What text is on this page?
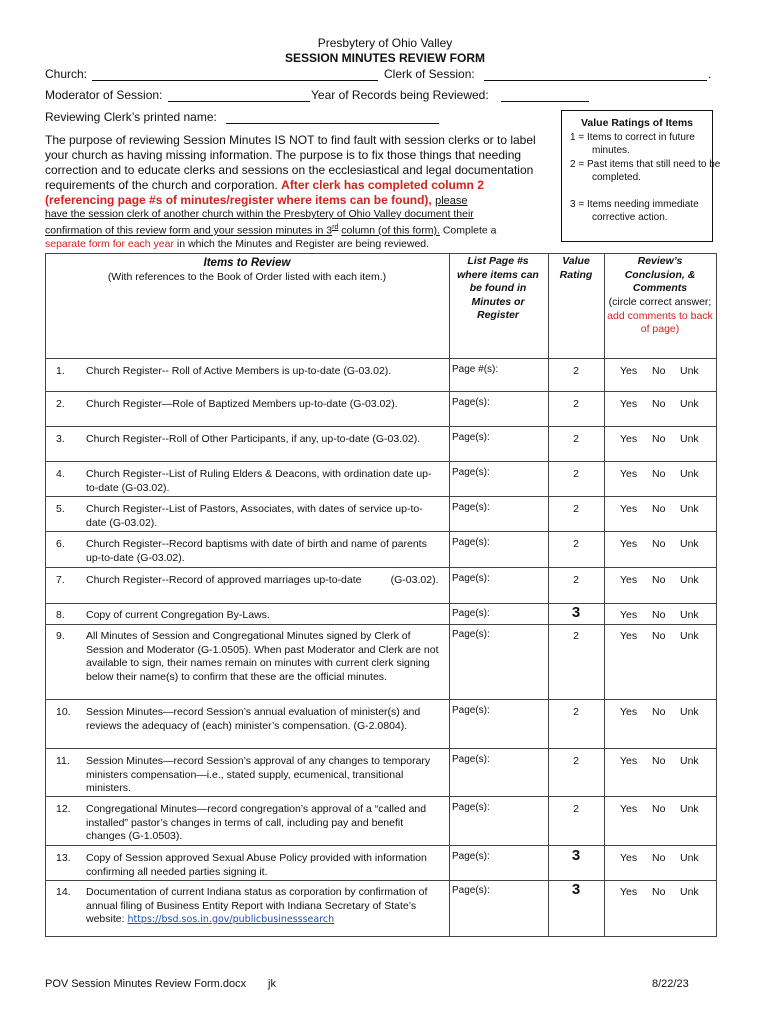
Presbytery of Ohio Valley
SESSION MINUTES REVIEW FORM
Church:	Clerk of Session:	.
Moderator of Session:	Year of Records being Reviewed:
Reviewing Clerk’s printed name:
The purpose of reviewing Session Minutes IS NOT to find fault with session clerks or to label your church as having missing information. The purpose is to fix those things that needing correction and to educate clerks and sessions on the ecclesiastical and legal documentation requirements of the church and corporation. After clerk has completed column 2 (referencing page #s of minutes/register where items can be found), please
have the session clerk of another church within the Presbytery of Ohio Valley document their
confirmation of this review form and your session minutes in 3rd column (of this form). Complete a
separate form for each year in which the Minutes and Register are being reviewed.
Value Ratings of Items
1 = Items to correct in future minutes.
2 = Past items that still need to be completed.
3 = Items needing immediate corrective action.
Items to Review
(With references to the Book of Order listed with each item.)
List Page #s where items can be found in Minutes or Register
Value Rating
Review’s Conclusion, & Comments
(circle correct answer; add comments to back of page)
1. Church Register-- Roll of Active Members is up-to-date (G-03.02).	Page #(s):	2	Yes No Unk
2. Church Register—Role of Baptized Members up-to-date (G-03.02).	Page(s):	2	Yes No Unk
3. Church Register--Roll of Other Participants, if any, up-to-date (G-03.02).	Page(s):	2	Yes No Unk
4. Church Register--List of Ruling Elders & Deacons, with ordination date up-to-date (G-03.02).
Page(s):	2	Yes No Unk
5. Church Register--List of Pastors, Associates, with dates of service up-to-date (G-03.02).
Page(s):	2	Yes No Unk
6. Church Register--Record baptisms with date of birth and name of parents up-to-date (G-03.02).
Page(s):	2	Yes No Unk
7. Church Register--Record of approved marriages up-to-date          (G-03.02).	Page(s):	2	Yes No Unk
8. Copy of current Congregation By-Laws.	Page(s):	3	Yes No Unk
9. All Minutes of Session and Congregational Minutes signed by Clerk of Session and Moderator (G-1.0505). When past Moderator and Clerk are not available to sign, their names remain on minutes with current clerk signing below their name(s) to confirm that these are the official minutes.
Page(s):	2	Yes No Unk
10. Session Minutes—record Session’s annual evaluation of minister(s) and reviews the adequacy of (each) minister’s compensation. (G-2.0804).
Page(s):	2	Yes No Unk
11. Session Minutes—record Session’s approval of any changes to temporary ministers compensation—i.e., stated supply, ecumenical, transitional ministers.
Page(s):	2	Yes No Unk
12. Congregational Minutes—record congregation’s approval of a “called and installed” pastor’s changes in terms of call, including pay and benefit changes (G-1.0503).
Page(s):	2	Yes No Unk
13. Copy of Session approved Sexual Abuse Policy provided with information confirming all needed parties signing it.
Page(s):	3	Yes No Unk
14. Documentation of current Indiana status as corporation by confirmation of annual filing of Business Entity Report with Indiana Secretary of State’s website: https://bsd.sos.in.gov/publicbusinesssearch
Page(s):	3	Yes No Unk
POV Session Minutes Review Form.docx jk	8/22/23
